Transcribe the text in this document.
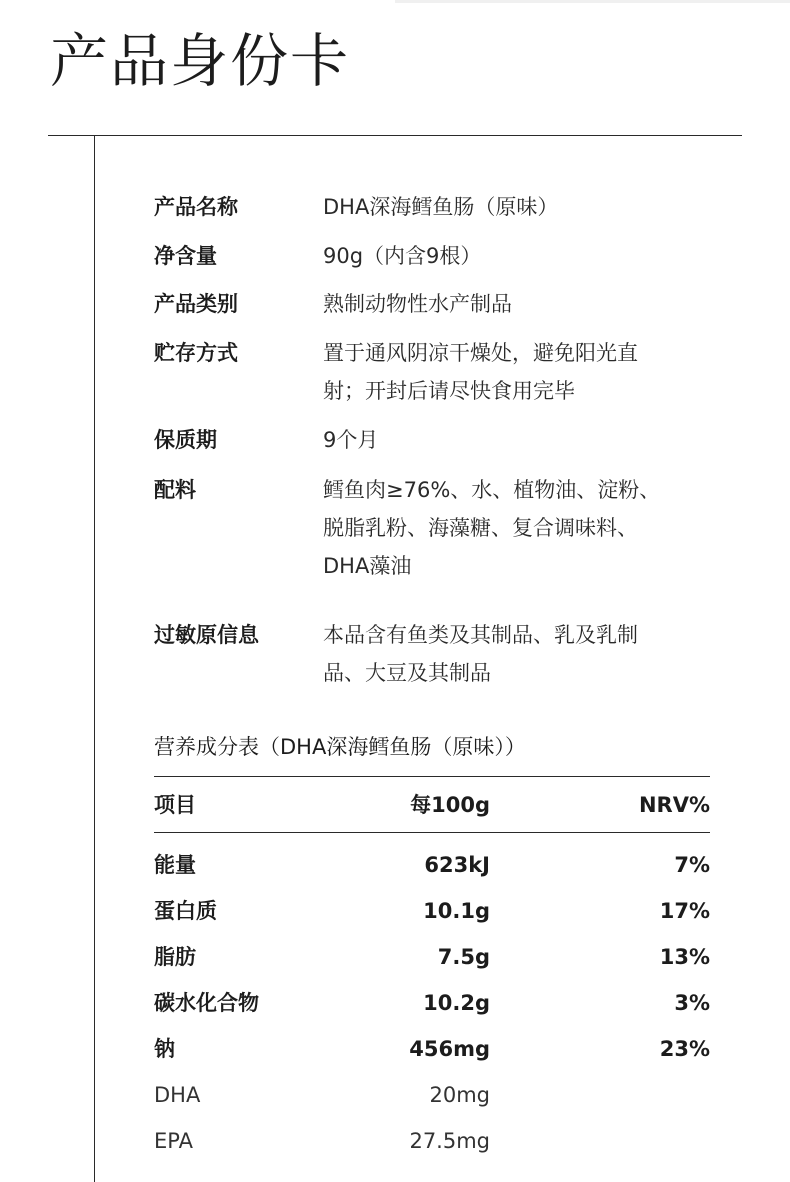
产品身份卡
产品名称	DHA深海鳕鱼肠（原味）
净含量	90g（内含9根）
产品类别	熟制动物性水产制品
贮存方式	置于通风阴凉干燥处，避免阳光直
射；开封后请尽快食用完毕
保质期	9个月
配料	鳕鱼肉≥76%、水、植物油、淀粉、
脱脂乳粉、海藻糖、复合调味料、
DHA藻油
过敏原信息	本品含有鱼类及其制品、乳及乳制
品、大豆及其制品
营养成分表（DHA深海鳕鱼肠（原味））
项目	每100g	NRV%
能量	623kJ	7%
蛋白质	10.1g	17%
脂肪	7.5g	13%
碳水化合物	10.2g	3%
钠	456mg	23%
DHA	20mg
EPA	27.5mg
